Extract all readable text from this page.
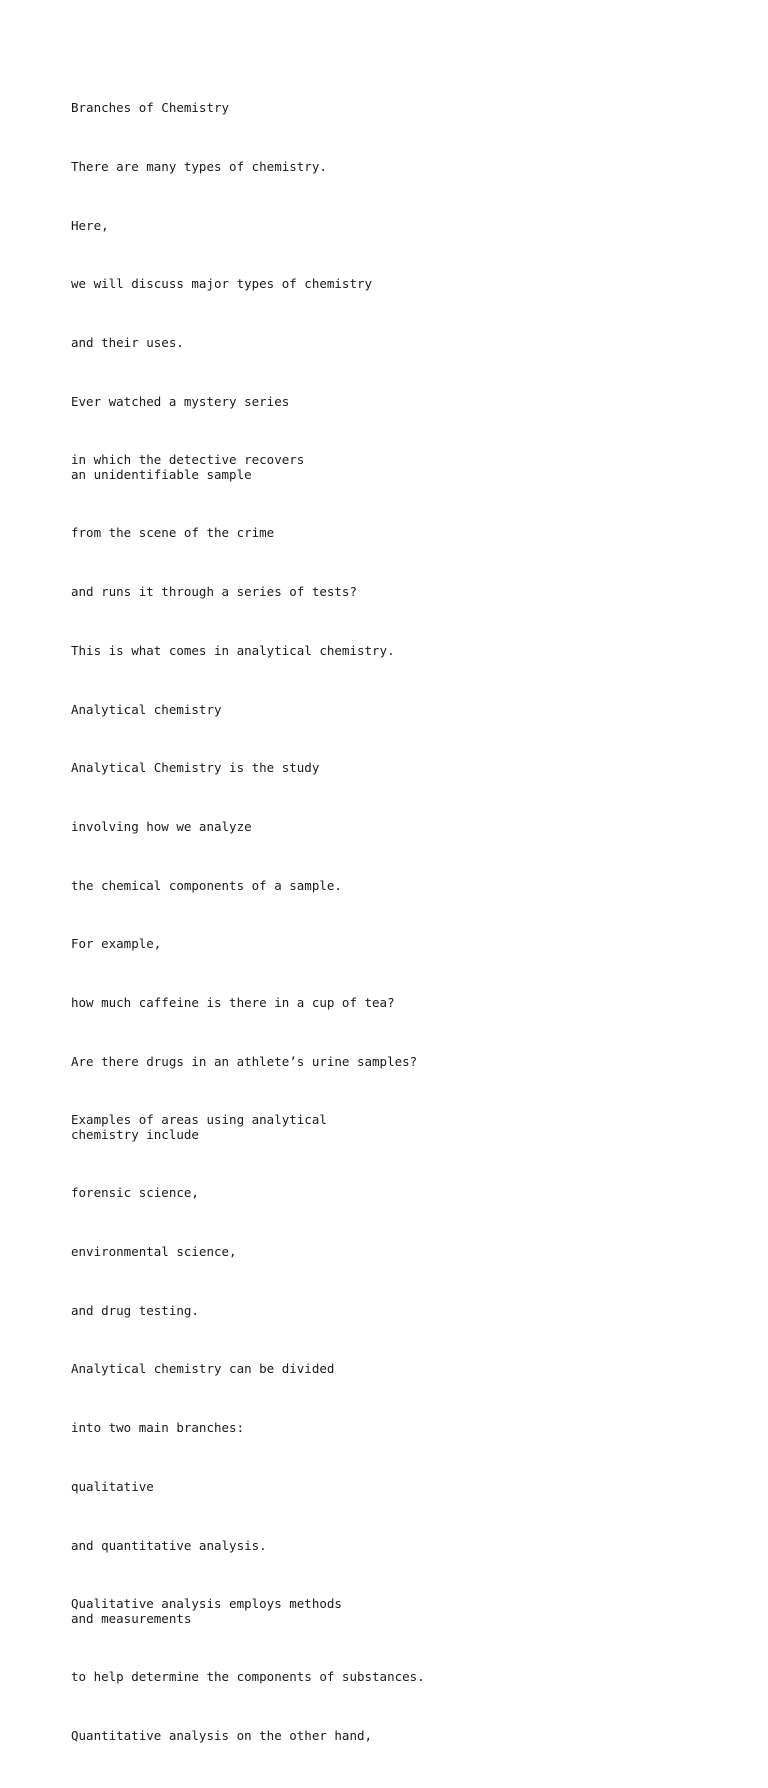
Branches of Chemistry

There are many types of chemistry.

Here,

we will discuss major types of chemistry

and their uses.

Ever watched a mystery series

in which the detective recovers
an unidentifiable sample

from the scene of the crime

and runs it through a series of tests?

This is what comes in analytical chemistry.

Analytical chemistry

Analytical Chemistry is the study

involving how we analyze

the chemical components of a sample.

For example,

how much caffeine is there in a cup of tea?

Are there drugs in an athlete’s urine samples?

Examples of areas using analytical
chemistry include

forensic science,

environmental science,

and drug testing.

Analytical chemistry can be divided

into two main branches:

qualitative

and quantitative analysis.

Qualitative analysis employs methods
and measurements

to help determine the components of substances.

Quantitative analysis on the other hand,
